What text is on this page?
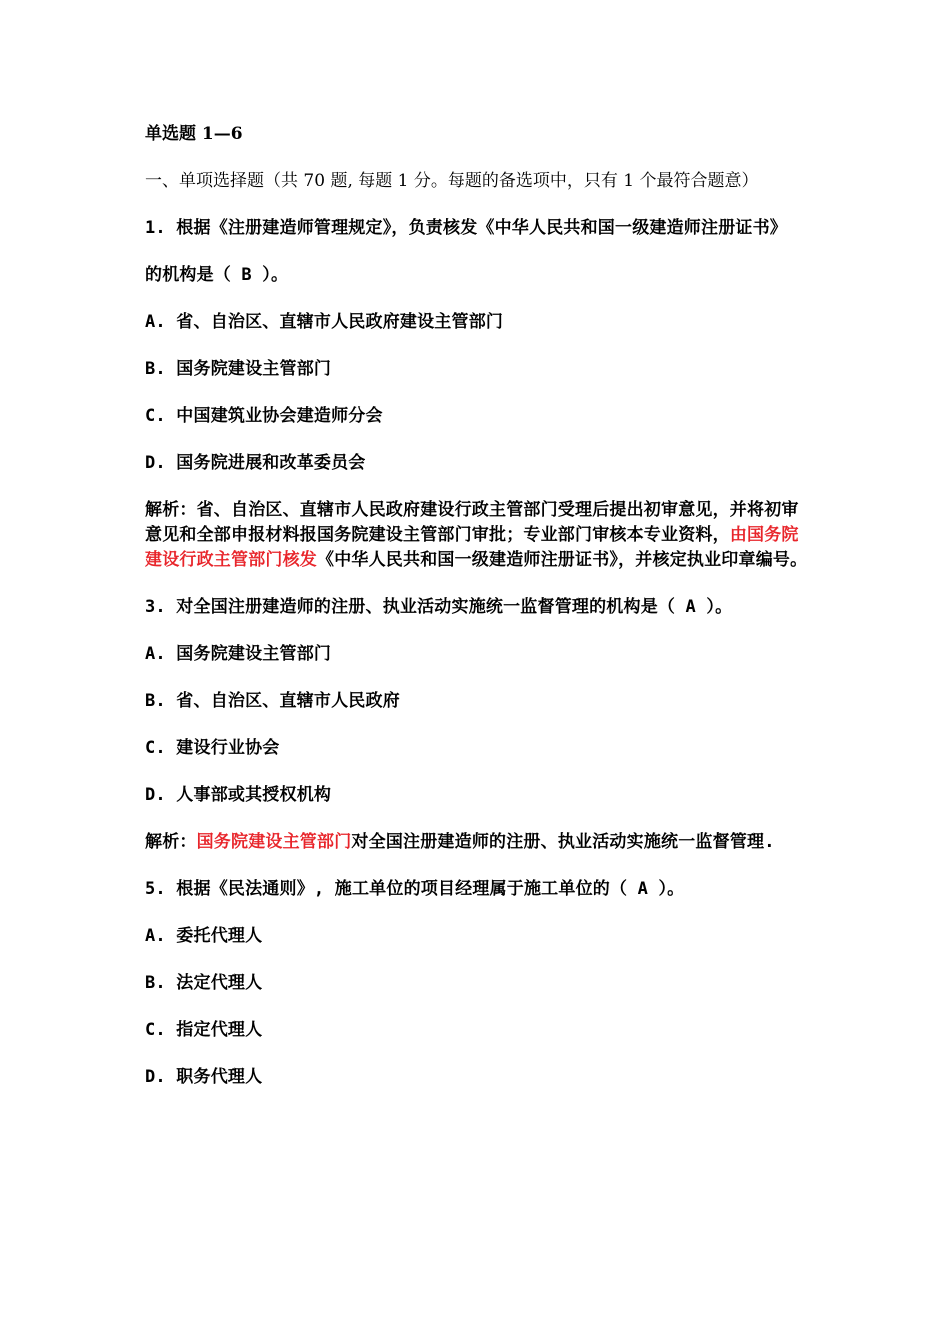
单选题 1—6

一、单项选择题（共 70 题, 每题 1 分。每题的备选项中，只有 1 个最符合题意）

1. 根据《注册建造师管理规定》，负责核发《中华人民共和国一级建造师注册证书》

的机构是（ B ）。

A. 省、自治区、直辖市人民政府建设主管部门

B. 国务院建设主管部门

C. 中国建筑业协会建造师分会

D. 国务院进展和改革委员会

解析：省、自治区、直辖市人民政府建设行政主管部门受理后提出初审意见，并将初审意见和全部申报材料报国务院建设主管部门审批；专业部门审核本专业资料，由国务院建设行政主管部门核发《中华人民共和国一级建造师注册证书》，并核定执业印章编号。

3. 对全国注册建造师的注册、执业活动实施统一监督管理的机构是（ A ）。

A. 国务院建设主管部门

B. 省、自治区、直辖市人民政府

C. 建设行业协会

D. 人事部或其授权机构

解析：国务院建设主管部门对全国注册建造师的注册、执业活动实施统一监督管理.

5. 根据《民法通则》, 施工单位的项目经理属于施工单位的（ A ）。

A. 委托代理人

B. 法定代理人

C. 指定代理人

D. 职务代理人
